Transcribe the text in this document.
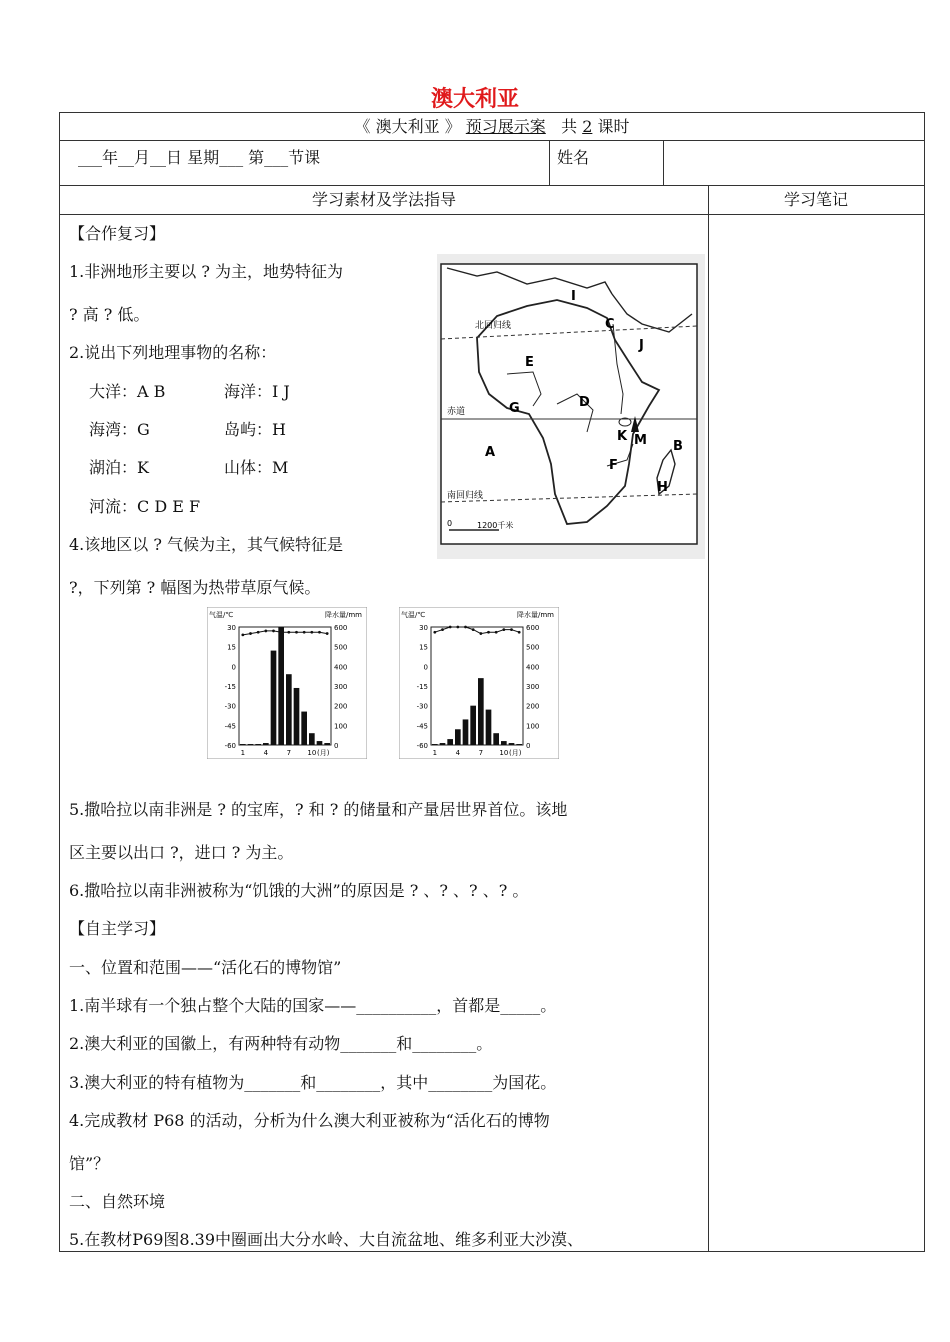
澳大利亚
《 澳大利亚 》 预习展示案 共 2 课时
___年__月__日 星期___ 第___节课	姓名
学习素材及学法指导	学习笔记
【合作复习】
1.非洲地形主要以 ? 为主，地势特征为
? 高 ? 低。
2.说出下列地理事物的名称：
大洋：A B	海洋：I J
海湾：G	岛屿：H
湖泊：K	山体：M
河流：C D E F
4.该地区以 ? 气候为主，其气候特征是
?，下列第 ? 幅图为热带草原气候。
北回归线
赤道
南回归线
0	1200千米
I
C
J
E
G	D
A
K M B
F
H
气温/℃	降水量/mm
30	600
15	500
0	400
-15	300
-30	200
-45	100
-60	0
1	4	7 10 (月)
气温/℃	降水量/mm
30	600
15	500
0	400
-15	300
-30	200
-45	100
-60	0
1	4	7 10 (月)
5.撒哈拉以南非洲是 ? 的宝库，? 和 ? 的储量和产量居世界首位。该地
区主要以出口 ?，进口 ? 为主。
6.撒哈拉以南非洲被称为“饥饿的大洲”的原因是 ? 、? 、? 、? 。
【自主学习】
一、位置和范围——“活化石的博物馆”
1.南半球有一个独占整个大陆的国家——__________，首都是_____。
2.澳大利亚的国徽上，有两种特有动物_______和________。
3.澳大利亚的特有植物为_______和________，其中________为国花。
4.完成教材 P68 的活动，分析为什么澳大利亚被称为“活化石的博物
馆”？
二、自然环境
5.在教材P69图8.39中圈画出大分水岭、大自流盆地、维多利亚大沙漠、
